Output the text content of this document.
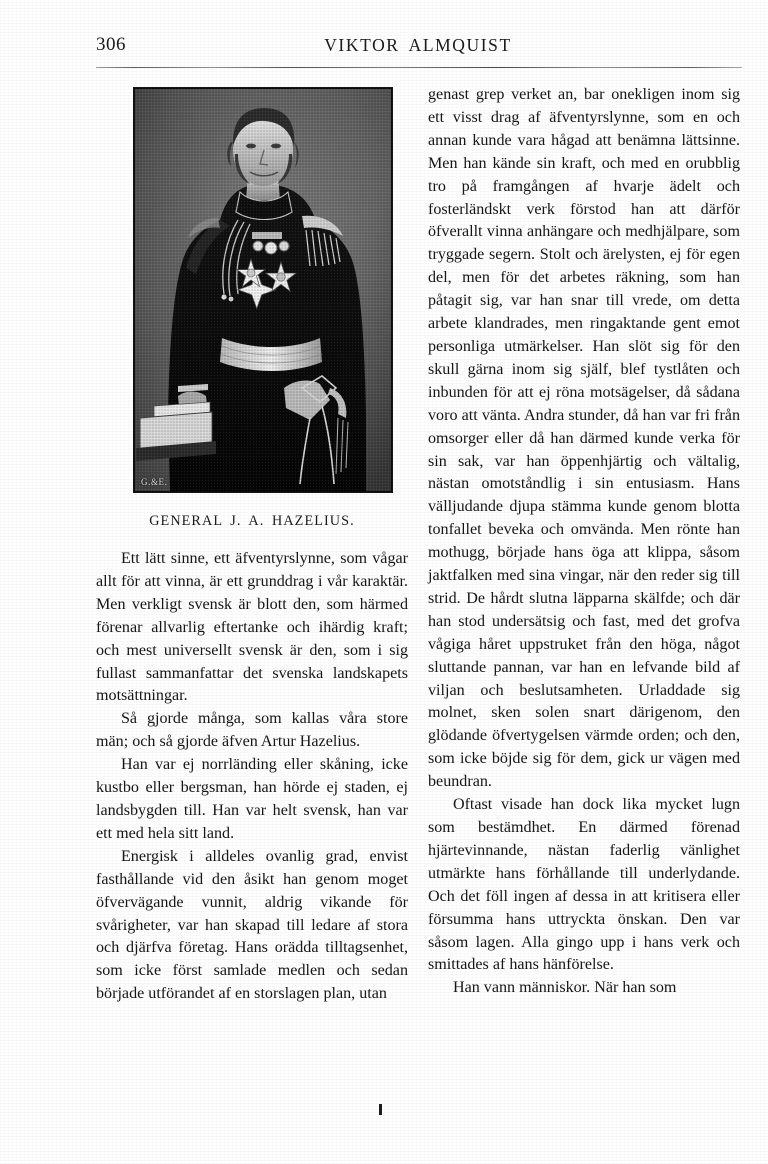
306	VIKTOR ALMQUIST
G.&E.
GENERAL J. A. HAZELIUS.

Ett lätt sinne, ett äfventyrslynne, som vågar allt för att vinna, är ett grunddrag i vår karaktär. Men verkligt svensk är blott den, som härmed förenar allvarlig eftertanke och ihärdig kraft; och mest universellt svensk är den, som i sig fullast sammanfattar det svenska landskapets motsättningar.

Så gjorde många, som kallas våra store män; och så gjorde äfven Artur Hazelius.

Han var ej norrländing eller skåning, icke kustbo eller bergsman, han hörde ej staden, ej landsbygden till. Han var helt svensk, han var ett med hela sitt land.

Energisk i alldeles ovanlig grad, envist fasthållande vid den åsikt han genom moget öfvervägande vunnit, aldrig vikande för svårigheter, var han skapad till ledare af stora och djärfva företag. Hans orädda tilltagsenhet, som icke först samlade medlen och sedan började utförandet af en storslagen plan, utan

genast grep verket an, bar onekligen inom sig ett visst drag af äfventyrslynne, som en och annan kunde vara hågad att benämna lättsinne. Men han kände sin kraft, och med en orubblig tro på framgången af hvarje ädelt och fosterländskt verk förstod han att därför öfverallt vinna anhängare och medhjälpare, som tryggade segern. Stolt och ärelysten, ej för egen del, men för det arbetes räkning, som han påtagit sig, var han snar till vrede, om detta arbete klandrades, men ringaktande gent emot personliga utmärkelser. Han slöt sig för den skull gärna inom sig själf, blef tystlåten och inbunden för att ej röna motsägelser, då sådana voro att vänta. Andra stunder, då han var fri från omsorger eller då han därmed kunde verka för sin sak, var han öppenhjärtig och vältalig, nästan omotståndlig i sin entusiasm. Hans välljudande djupa stämma kunde genom blotta tonfallet beveka och omvända. Men rönte han mothugg, började hans öga att klippa, såsom jaktfalken med sina vingar, när den reder sig till strid. De hårdt slutna läpparna skälfde; och där han stod undersätsig och fast, med det grofva vågiga håret uppstruket från den höga, något sluttande pannan, var han en lefvande bild af viljan och beslutsamheten. Urladdade sig molnet, sken solen snart därigenom, den glödande öfvertygelsen värmde orden; och den, som icke böjde sig för dem, gick ur vägen med beundran.

Oftast visade han dock lika mycket lugn som bestämdhet. En därmed förenad hjärtevinnande, nästan faderlig vänlighet utmärkte hans förhållande till underlydande. Och det föll ingen af dessa in att kritisera eller försumma hans uttryckta önskan. Den var såsom lagen. Alla gingo upp i hans verk och smittades af hans hänförelse.

Han vann människor. När han som
